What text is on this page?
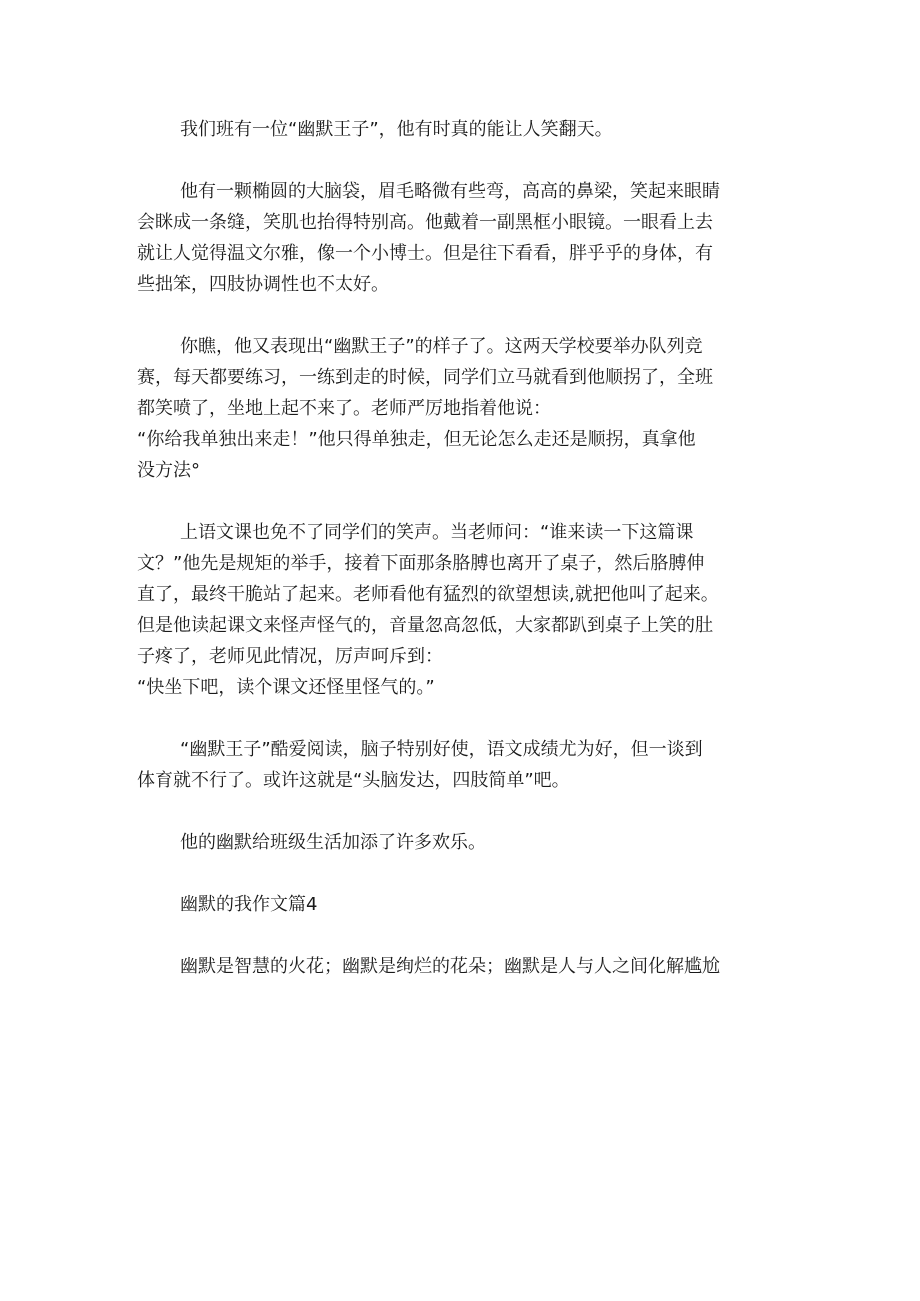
我们班有一位“幽默王子”，他有时真的能让人笑翻天。
他有一颗椭圆的大脑袋，眉毛略微有些弯，高高的鼻梁，笑起来眼睛
会眯成一条缝，笑肌也抬得特别高。他戴着一副黑框小眼镜。一眼看上去
就让人觉得温文尔雅，像一个小博士。但是往下看看，胖乎乎的身体，有
些拙笨，四肢协调性也不太好。
你瞧，他又表现出“幽默王子”的样子了。这两天学校要举办队列竞
赛，每天都要练习，一练到走的时候，同学们立马就看到他顺拐了，全班
都笑喷了，坐地上起不来了。老师严厉地指着他说：
“你给我单独出来走！”他只得单独走，但无论怎么走还是顺拐，真拿他
没方法°
上语文课也免不了同学们的笑声。当老师问：“谁来读一下这篇课
文？”他先是规矩的举手，接着下面那条胳膊也离开了桌子，然后胳膊伸
直了，最终干脆站了起来。老师看他有猛烈的欲望想读,就把他叫了起来。
但是他读起课文来怪声怪气的，音量忽高忽低，大家都趴到桌子上笑的肚
子疼了，老师见此情况，厉声呵斥到：
“快坐下吧，读个课文还怪里怪气的。”
“幽默王子”酷爱阅读，脑子特别好使，语文成绩尤为好，但一谈到
体育就不行了。或许这就是“头脑发达，四肢简单”吧。
他的幽默给班级生活加添了许多欢乐。
幽默的我作文篇4
幽默是智慧的火花；幽默是绚烂的花朵；幽默是人与人之间化解尴尬
